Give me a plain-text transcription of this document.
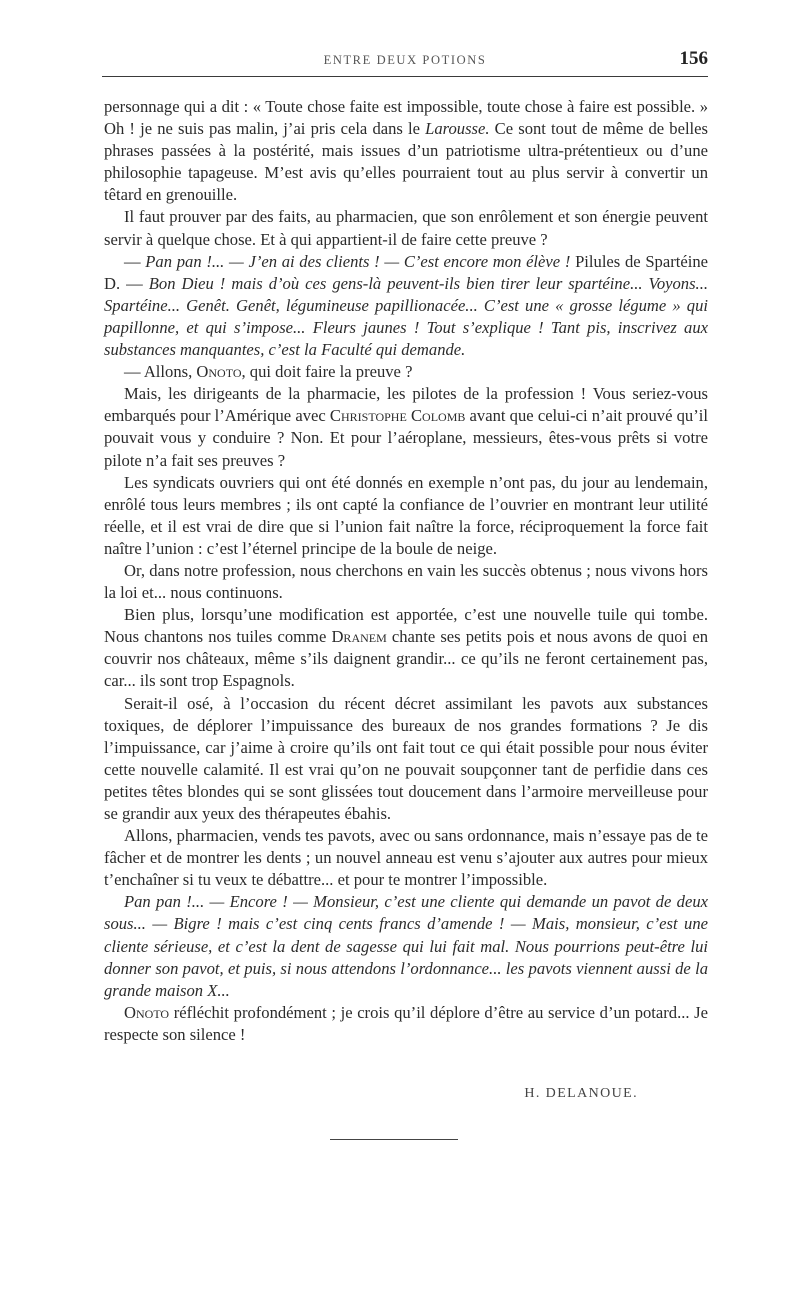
ENTRE DEUX POTIONS	156

personnage qui a dit : « Toute chose faite est impossible, toute chose à faire est possible. » Oh ! je ne suis pas malin, j’ai pris cela dans le Larousse. Ce sont tout de même de belles phrases passées à la postérité, mais issues d’un patriotisme ultra-prétentieux ou d’une philosophie tapageuse. M’est avis qu’elles pourraient tout au plus servir à convertir un têtard en grenouille.

Il faut prouver par des faits, au pharmacien, que son enrôlement et son énergie peuvent servir à quelque chose. Et à qui appartient-il de faire cette preuve ?

— Pan pan !... — J’en ai des clients ! — C’est encore mon élève ! Pilules de Spartéine D. — Bon Dieu ! mais d’où ces gens-là peuvent-ils bien tirer leur spartéine... Voyons... Spartéine... Genêt. Genêt, légumineuse papillionacée... C’est une « grosse légume » qui papillonne, et qui s’impose... Fleurs jaunes ! Tout s’explique ! Tant pis, inscrivez aux substances manquantes, c’est la Faculté qui demande.

— Allons, Onoto, qui doit faire la preuve ?

Mais, les dirigeants de la pharmacie, les pilotes de la profession ! Vous seriez-vous embarqués pour l’Amérique avec Christophe Colomb avant que celui-ci n’ait prouvé qu’il pouvait vous y conduire ? Non. Et pour l’aéroplane, messieurs, êtes-vous prêts si votre pilote n’a fait ses preuves ?

Les syndicats ouvriers qui ont été donnés en exemple n’ont pas, du jour au lendemain, enrôlé tous leurs membres ; ils ont capté la confiance de l’ouvrier en montrant leur utilité réelle, et il est vrai de dire que si l’union fait naître la force, réciproquement la force fait naître l’union : c’est l’éternel principe de la boule de neige.

Or, dans notre profession, nous cherchons en vain les succès obtenus ; nous vivons hors la loi et... nous continuons.

Bien plus, lorsqu’une modification est apportée, c’est une nouvelle tuile qui tombe. Nous chantons nos tuiles comme Dranem chante ses petits pois et nous avons de quoi en couvrir nos châteaux, même s’ils daignent grandir... ce qu’ils ne feront certainement pas, car... ils sont trop Espagnols.

Serait-il osé, à l’occasion du récent décret assimilant les pavots aux substances toxiques, de déplorer l’impuissance des bureaux de nos grandes formations ? Je dis l’impuissance, car j’aime à croire qu’ils ont fait tout ce qui était possible pour nous éviter cette nouvelle calamité. Il est vrai qu’on ne pouvait soupçonner tant de perfidie dans ces petites têtes blondes qui se sont glissées tout doucement dans l’armoire merveilleuse pour se grandir aux yeux des thérapeutes ébahis.

Allons, pharmacien, vends tes pavots, avec ou sans ordonnance, mais n’essaye pas de te fâcher et de montrer les dents ; un nouvel anneau est venu s’ajouter aux autres pour mieux t’enchaîner si tu veux te débattre... et pour te montrer l’impossible.

Pan pan !... — Encore ! — Monsieur, c’est une cliente qui demande un pavot de deux sous... — Bigre ! mais c’est cinq cents francs d’amende ! — Mais, monsieur, c’est une cliente sérieuse, et c’est la dent de sagesse qui lui fait mal. Nous pourrions peut-être lui donner son pavot, et puis, si nous attendons l’ordonnance... les pavots viennent aussi de la grande maison X...

Onoto réfléchit profondément ; je crois qu’il déplore d’être au service d’un potard... Je respecte son silence !

H. DELANOUE.
